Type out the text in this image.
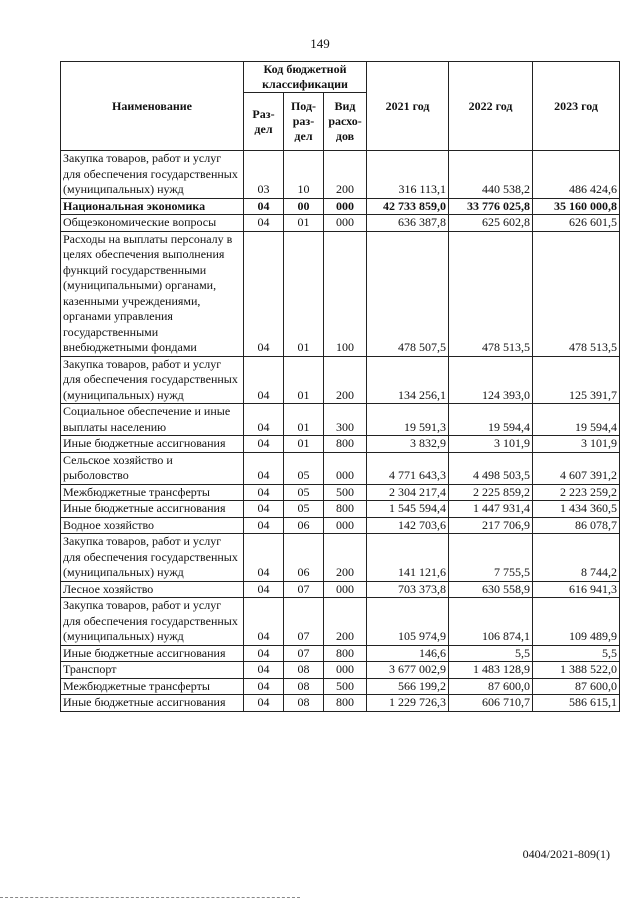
149
Наименование	Код бюджетной классификации			2021 год	2022 год	2023 год
	Раз-дел	Под-раз-дел	Вид расхо-дов			
Закупка товаров, работ и услуг для обеспечения государственных (муниципальных) нужд	03	10	200	316 113,1	440 538,2	486 424,6
Национальная экономика	04	00	000	42 733 859,0	33 776 025,8	35 160 000,8
Общеэкономические вопросы	04	01	000	636 387,8	625 602,8	626 601,5
Расходы на выплаты персоналу в целях обеспечения выполнения функций государственными (муниципальными) органами, казенными учреждениями, органами управления государственными внебюджетными фондами	04	01	100	478 507,5	478 513,5	478 513,5
Закупка товаров, работ и услуг для обеспечения государственных (муниципальных) нужд	04	01	200	134 256,1	124 393,0	125 391,7
Социальное обеспечение и иные выплаты населению	04	01	300	19 591,3	19 594,4	19 594,4
Иные бюджетные ассигнования	04	01	800	3 832,9	3 101,9	3 101,9
Сельское хозяйство и рыболовство	04	05	000	4 771 643,3	4 498 503,5	4 607 391,2
Межбюджетные трансферты	04	05	500	2 304 217,4	2 225 859,2	2 223 259,2
Иные бюджетные ассигнования	04	05	800	1 545 594,4	1 447 931,4	1 434 360,5
Водное хозяйство	04	06	000	142 703,6	217 706,9	86 078,7
Закупка товаров, работ и услуг для обеспечения государственных (муниципальных) нужд	04	06	200	141 121,6	7 755,5	8 744,2
Лесное хозяйство	04	07	000	703 373,8	630 558,9	616 941,3
Закупка товаров, работ и услуг для обеспечения государственных (муниципальных) нужд	04	07	200	105 974,9	106 874,1	109 489,9
Иные бюджетные ассигнования	04	07	800	146,6	5,5	5,5
Транспорт	04	08	000	3 677 002,9	1 483 128,9	1 388 522,0
Межбюджетные трансферты	04	08	500	566 199,2	87 600,0	87 600,0
Иные бюджетные ассигнования	04	08	800	1 229 726,3	606 710,7	586 615,1
0404/2021-809(1)
